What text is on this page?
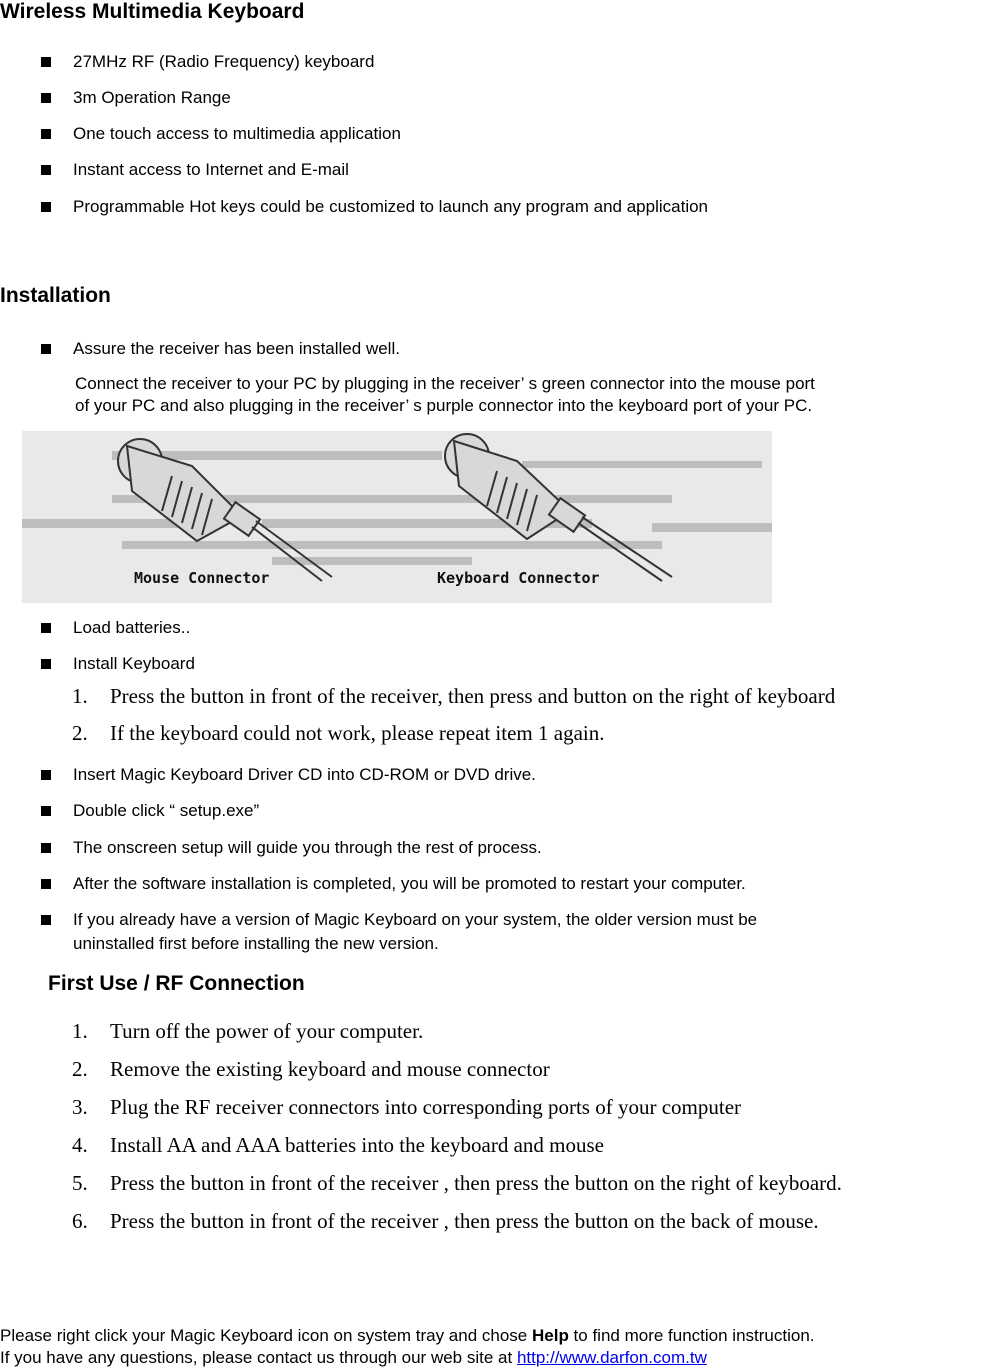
Wireless Multimedia Keyboard
27MHz RF (Radio Frequency) keyboard
3m Operation Range
One touch access to multimedia application
Instant access to Internet and E-mail
Programmable Hot keys could be customized to launch any program and application
Installation
Assure the receiver has been installed well.
Connect the receiver to your PC by plugging in the receiver’ s green connector into the mouse port
of your PC and also plugging in the receiver’ s purple connector into the keyboard port of your PC.
Mouse Connector	Keyboard Connector
Load batteries..
Install Keyboard
1. Press the button in front of the receiver, then press and button on the right of keyboard
2. If the keyboard could not work, please repeat item 1 again.
Insert Magic Keyboard Driver CD into CD-ROM or DVD drive.
Double click “ setup.exe”
The onscreen setup will guide you through the rest of process.
After the software installation is completed, you will be promoted to restart your computer.
If you already have a version of Magic Keyboard on your system, the older version must be
uninstalled first before installing the new version.
First Use / RF Connection
1. Turn off the power of your computer.
2. Remove the existing keyboard and mouse connector
3. Plug the RF receiver connectors into corresponding ports of your computer
4. Install AA and AAA batteries into the keyboard and mouse
5. Press the button in front of the receiver , then press the button on the right of keyboard.
6. Press the button in front of the receiver , then press the button on the back of mouse.
Please right click your Magic Keyboard icon on system tray and chose Help to find more function instruction.
If you have any questions, please contact us through our web site at http://www.darfon.com.tw
